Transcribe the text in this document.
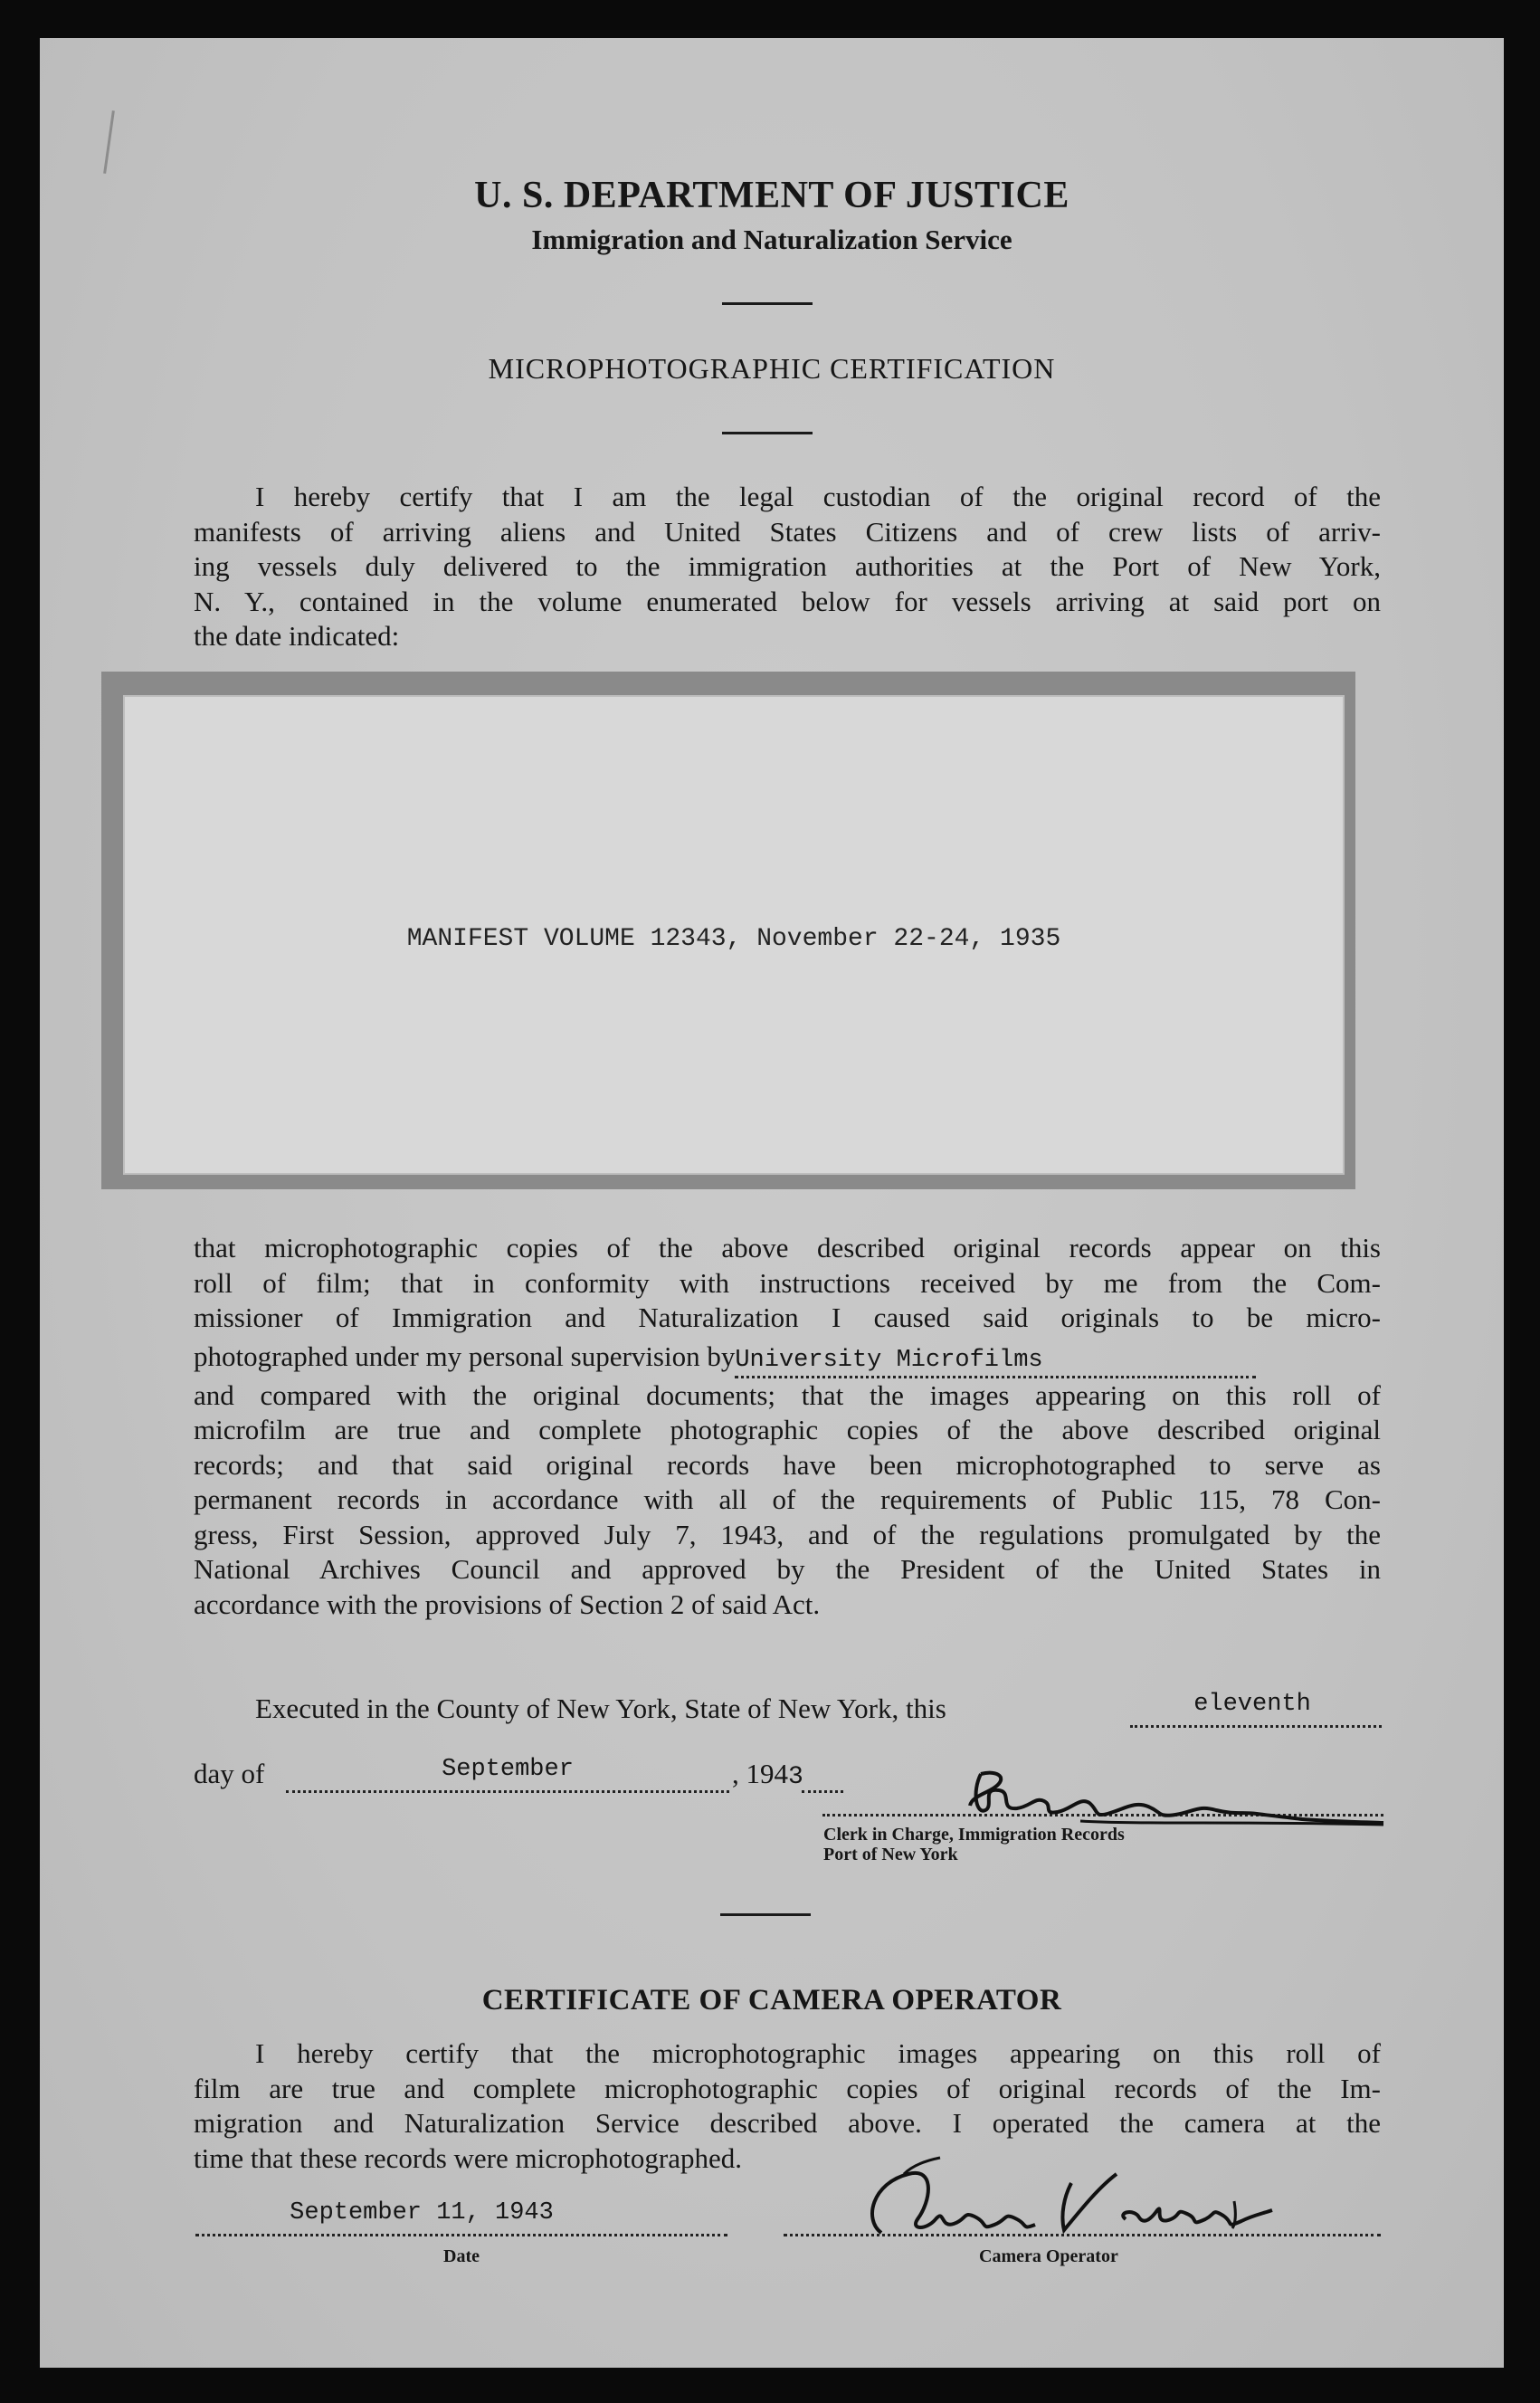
U. S. DEPARTMENT OF JUSTICE
Immigration and Naturalization Service
MICROPHOTOGRAPHIC CERTIFICATION
I hereby certify that I am the legal custodian of the original record of the
manifests of arriving aliens and United States Citizens and of crew lists of arriv-
ing vessels duly delivered to the immigration authorities at the Port of New York,
N. Y., contained in the volume enumerated below for vessels arriving at said port on
the date indicated:
MANIFEST VOLUME 12343, November 22-24, 1935
that microphotographic copies of the above described original records appear on this
roll of film; that in conformity with instructions received by me from the Com-
missioner of Immigration and Naturalization I caused said originals to be micro-
photographed under my personal supervision byUniversity Microfilms
and compared with the original documents; that the images appearing on this roll of
microfilm are true and complete photographic copies of the above described original
records; and that said original records have been microphotographed to serve as
permanent records in accordance with all of the requirements of Public 115, 78 Con-
gress, First Session, approved July 7, 1943, and of the regulations promulgated by the
National Archives Council and approved by the President of the United States in
accordance with the provisions of Section 2 of said Act.
Executed in the County of New York, State of New York, this	eleventh
day of	September	, 1943
Clerk in Charge, Immigration Records
Port of New York
CERTIFICATE OF CAMERA OPERATOR
I hereby certify that the microphotographic images appearing on this roll of
film are true and complete microphotographic copies of original records of the Im-
migration and Naturalization Service described above. I operated the camera at the
time that these records were microphotographed.
September 11, 1943
Date	Camera Operator
